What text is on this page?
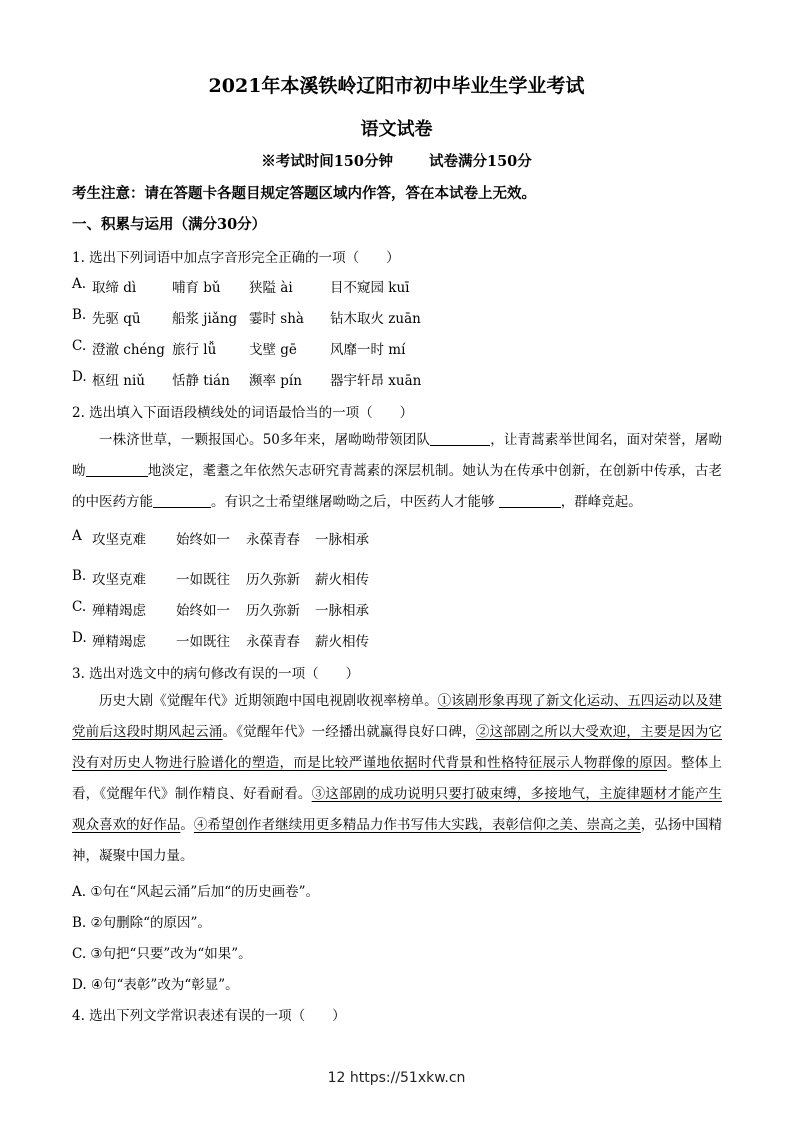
2021年本溪铁岭辽阳市初中毕业生学业考试
语文试卷
※考试时间150分钟 试卷满分150分
考生注意：请在答题卡各题目规定答题区域内作答，答在本试卷上无效。
一、积累与运用（满分30分）
1. 选出下列词语中加点字音形完全正确的一项（　　）
A. 取缔 dì	哺育 bǔ 狭隘 ài	目不窥园 kuī
B. 先驱 qū 船浆 jiǎng 霎时 shà 钻木取火 zuān
C. 澄澈 chéng 旅行 lǚ 戈壁 gē 风靡一时 mí
D. 枢纽 niǔ 恬静 tián 濒率 pín 器宇轩昂 xuān
2. 选出填入下面语段横线处的词语最恰当的一项（　　）

一株济世草，一颗报国心。50多年来，屠呦呦带领团队	，让青蒿素举世闻名，面对荣誉，屠呦呦	地淡定，耄耋之年依然矢志研究青蒿素的深层机制。她认为在传承中创新，在创新中传承，古老的中医药方能	。有识之士希望继屠呦呦之后，中医药人才能够	，群峰竞起。

A 攻坚克难 始终如一 永葆青春 一脉相承
B. 攻坚克难 一如既往 历久弥新 薪火相传
C. 殚精竭虑 始终如一 历久弥新 一脉相承
D. 殚精竭虑 一如既往 永葆青春 薪火相传
3. 选出对选文中的病句修改有误的一项（　　）

历史大剧《觉醒年代》近期领跑中国电视剧收视率榜单。①该剧形象再现了新文化运动、五四运动以及建党前后这段时期风起云涌。《觉醒年代》一经播出就赢得良好口碑，②这部剧之所以大受欢迎，主要是因为它没有对历史人物进行脸谱化的塑造，而是比较严谨地依据时代背景和性格特征展示人物群像的原因。整体上看，《觉醒年代》制作精良、好看耐看。③这部剧的成功说明只要打破束缚，多接地气，主旋律题材才能产生观众喜欢的好作品。④希望创作者继续用更多精品力作书写伟大实践，表彰信仰之美、崇高之美，弘扬中国精神，凝聚中国力量。

A. ①句在“风起云涌”后加“的历史画卷”。
B. ②句删除“的原因”。
C. ③句把“只要”改为“如果”。
D. ④句“表彰”改为“彰显”。
4. 选出下列文学常识表述有误的一项（　　）
12 https://51xkw.cn
